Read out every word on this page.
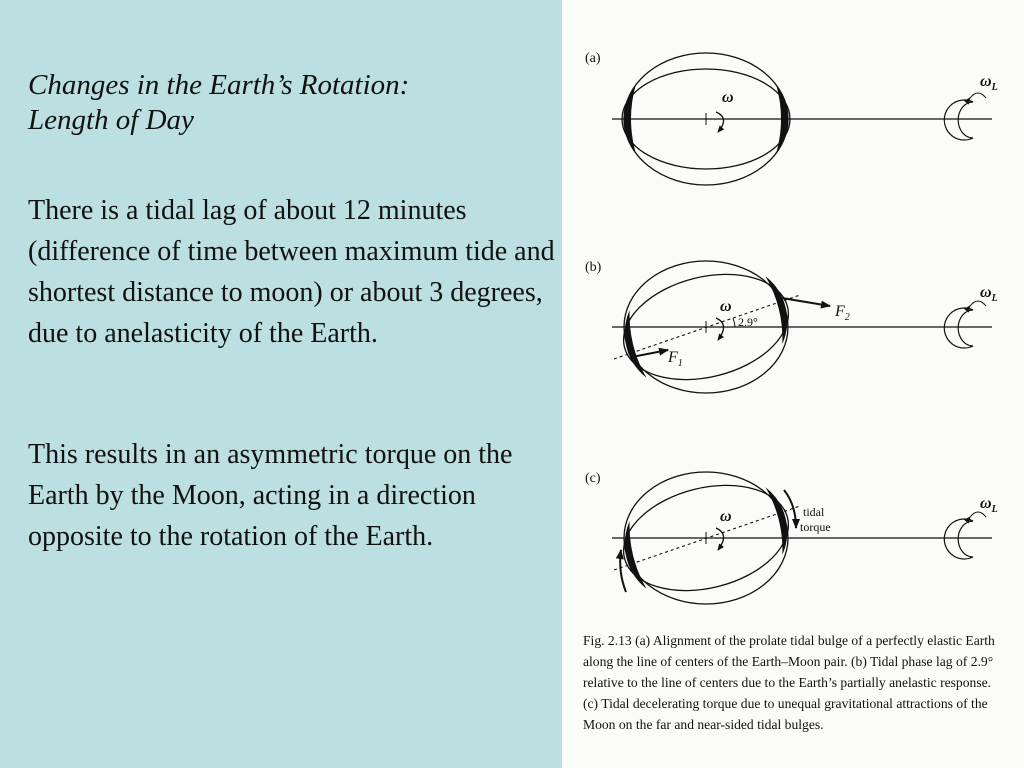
Changes in the Earth’s Rotation:
Length of Day

There is a tidal lag of about 12 minutes (difference of time between maximum tide and shortest distance to moon) or about 3 degrees, due to anelasticity of the Earth.

This results in an asymmetric torque on the Earth by the Moon, acting in a direction opposite to the rotation of the Earth.

(a)
ω
$\omega_L$
(b)
ω
2.9°
$F_2$
$F_1$
$\omega_L$
(c)
ω	tidal
torque
$\omega_L$
Fig. 2.13 (a) Alignment of the prolate tidal bulge of a perfectly elastic Earth along the line of centers of the Earth–Moon pair. (b) Tidal phase lag of 2.9° relative to the line of centers due to the Earth’s partially anelastic response. (c) Tidal decelerating torque due to unequal gravitational attractions of the Moon on the far and near-sided tidal bulges.
